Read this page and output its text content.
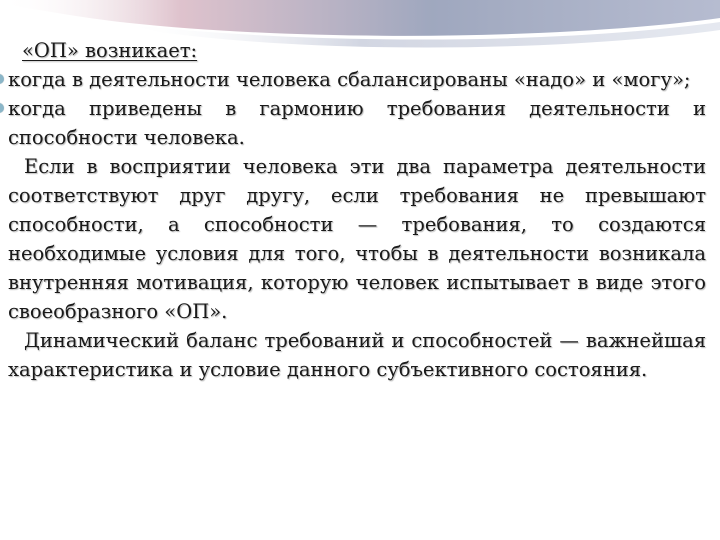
«ОП» возникает:

когда в деятельности человека сбалансированы «надо» и «могу»;

когда приведены в гармонию требования деятельности и способности человека.

Если в восприятии человека эти два параметра деятельности соответствуют друг другу, если требования не превышают способности, а способности — требования, то создаются необходимые условия для того, чтобы в деятельности возникала внутренняя мотивация, которую человек испытывает в виде этого своеобразного «ОП».

Динамический баланс требований и способностей — важнейшая характеристика и условие данного субъективного состояния.
